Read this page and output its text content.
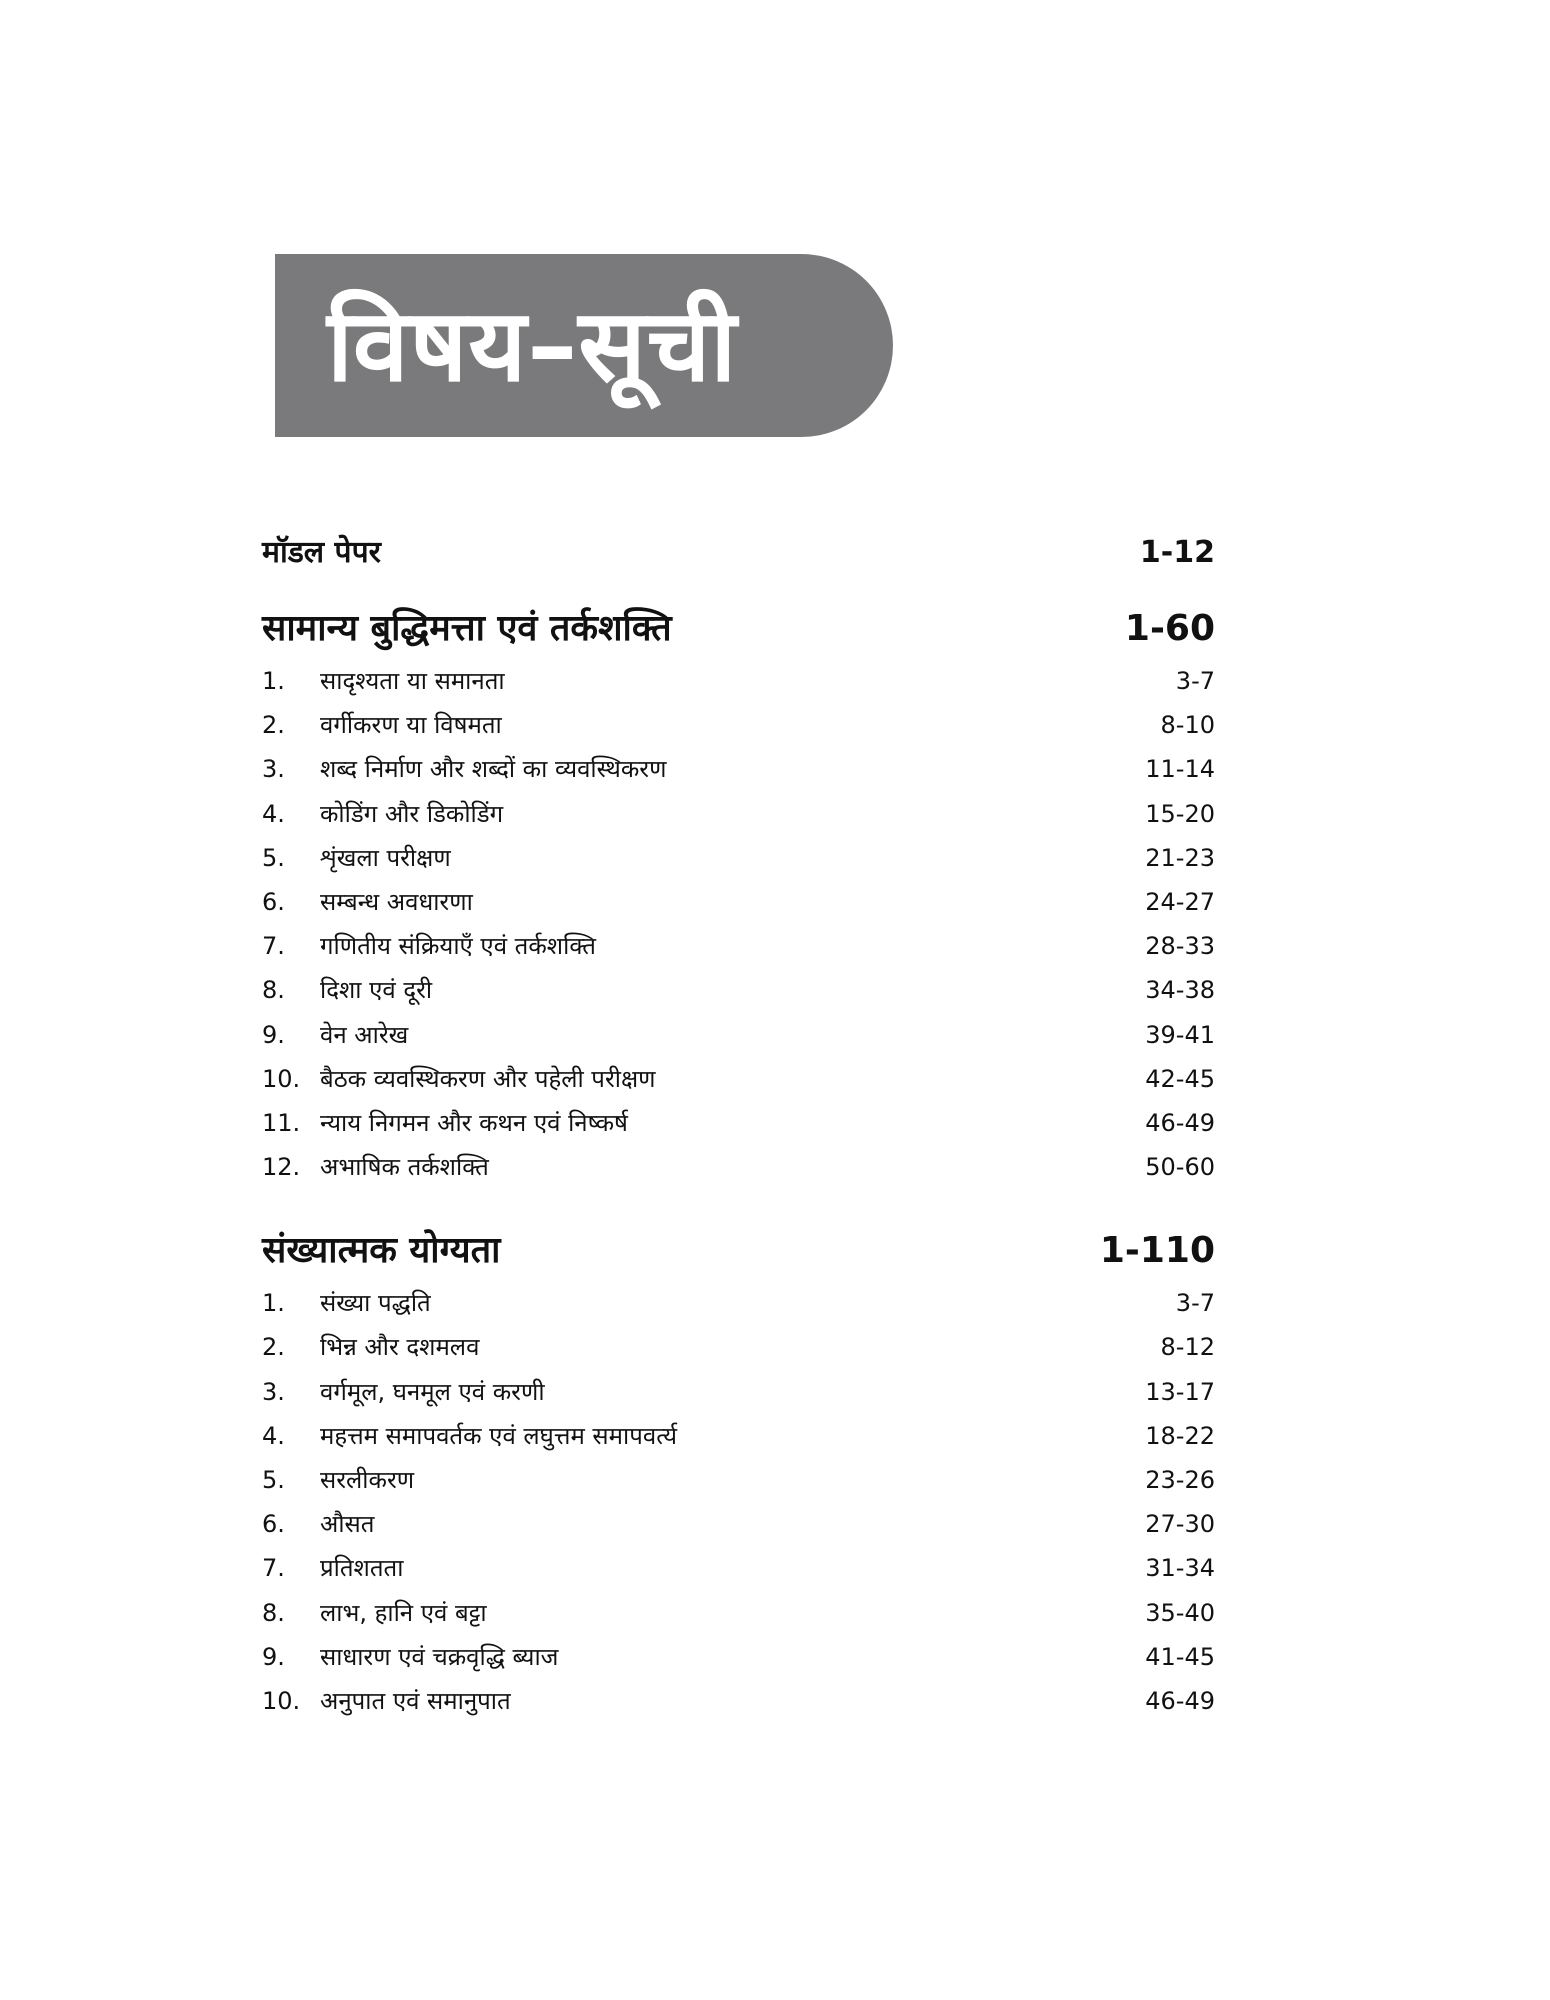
विषय–सूची
मॉडल पेपर	1-12
सामान्य बुद्धिमत्ता एवं तर्कशक्ति	1-60
1.	सादृश्यता या समानता	3-7
2.	वर्गीकरण या विषमता	8-10
3.	शब्द निर्माण और शब्दों का व्यवस्थिकरण	11-14
4.	कोडिंग और डिकोडिंग	15-20
5.	शृंखला परीक्षण	21-23
6.	सम्बन्ध अवधारणा	24-27
7.	गणितीय संक्रियाएँ एवं तर्कशक्ति	28-33
8.	दिशा एवं दूरी	34-38
9.	वेन आरेख	39-41
10. बैठक व्यवस्थिकरण और पहेली परीक्षण	42-45
11. न्याय निगमन और कथन एवं निष्कर्ष	46-49
12. अभाषिक तर्कशक्ति	50-60
संख्यात्मक योग्यता	1-110
1.	संख्या पद्धति	3-7
2.	भिन्न और दशमलव	8-12
3.	वर्गमूल, घनमूल एवं करणी	13-17
4.	महत्तम समापवर्तक एवं लघुत्तम समापवर्त्य	18-22
5.	सरलीकरण	23-26
6.	औसत	27-30
7.	प्रतिशतता	31-34
8.	लाभ, हानि एवं बट्टा	35-40
9.	साधारण एवं चक्रवृद्धि ब्याज	41-45
10. अनुपात एवं समानुपात	46-49
